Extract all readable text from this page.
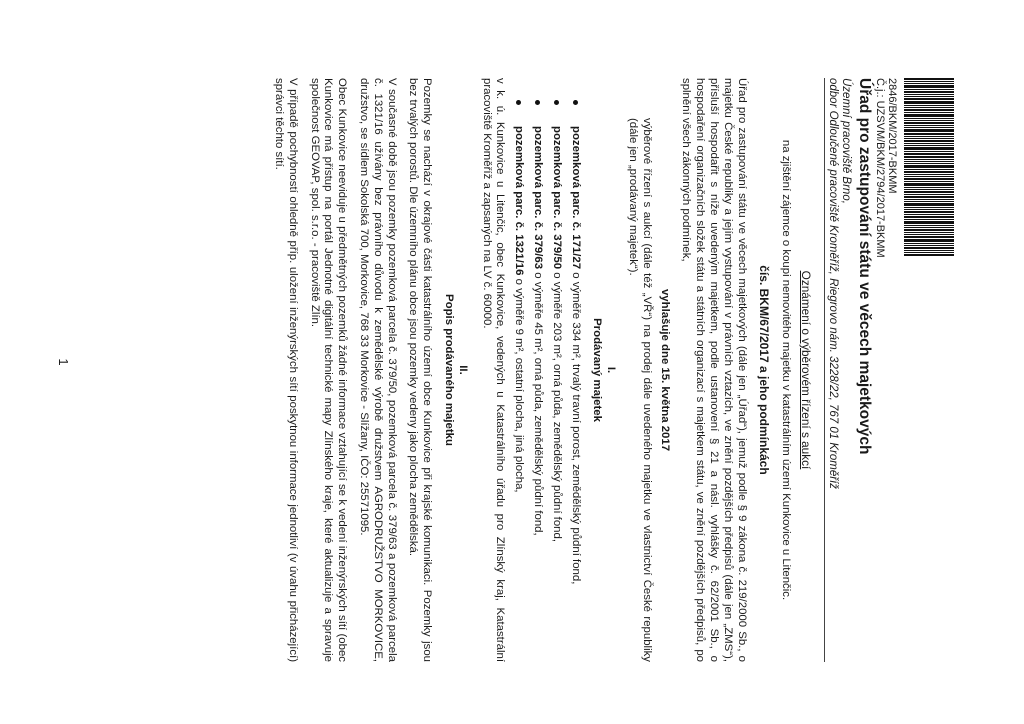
2846/BKM/2017-BKMM
Č.j.: UZSVM/BKM/2794/2017-BKMM
Úřad pro zastupování státu ve věcech majetkových
Územní pracoviště Brno,
odbor Odloučené pracoviště Kroměříž, Riegrovo nám. 3228/22, 767 01 Kroměříž

Oznámení o výběrovém řízení s aukcí

na zjištění zájemce o koupi nemovitého majetku v katastrálním území Kunkovice u Litenčic.

čís. BKM/67/2017 a jeho podmínkách

Úřad pro zastupování státu ve věcech majetkových (dále jen „Úřad“), jemuž podle § 9 zákona č. 219/2000 Sb., o majetku České republiky a jejím vystupování v právních vztazích, ve znění pozdějších předpisů (dále jen „ZMS“), přísluší hospodařit s níže uvedeným majetkem, podle ustanovení § 21 a násl. vyhlášky č. 62/2001 Sb., o hospodaření organizačních složek státu a státních organizací s majetkem státu, ve znění pozdějších předpisů, po splnění všech zákonných podmínek,

vyhlašuje dne 15. května 2017

výběrové řízení s aukcí (dále též „VŘ“) na prodej dále uvedeného majetku ve vlastnictví České republiky (dále jen „prodávaný majetek“).

I.

Prodávaný majetek

pozemková parc. č. 171/27 o výměře 334 m², trvalý travní porost, zemědělský půdní fond,
pozemková parc. č. 379/50 o výměře 203 m², orná půda, zemědělský půdní fond,
pozemková parc. č. 379/63 o výměře 45 m², orná půda, zemědělský půdní fond,
pozemková parc. č. 1321/16 o výměře 9 m², ostatní plocha, jiná plocha,

v k. ú. Kunkovice u Litenčic, obec Kunkovice, vedených u Katastrálního úřadu pro Zlínský kraj, Katastrální pracoviště Kroměříž a zapsaných na LV č. 60000.

II.

Popis prodávaného majetku

Pozemky se nachází v okrajové části katastrálního území obce Kunkovice při krajské komunikaci. Pozemky jsou bez trvalých porostů. Dle územního plánu obce jsou pozemky vedeny jako plocha zemědělská.

V současné době jsou pozemky pozemková parcela č. 379/50, pozemková parcela č. 379/63 a pozemková parcela č. 1321/16 užívány bez právního důvodu k zemědělské výrobě družstvem AGRODRUŽSTVO MORKOVICE, družstvo, se sídlem Sokolská 700, Morkovice, 768 33 Morkovice - Slížany, IČO: 25571095.

Obec Kunkovice neeviduje u předmětných pozemků žádné informace vztahující se k vedení inženýrských sítí (obec Kunkovice má přístup na portál Jednotné digitální technické mapy Zlínského kraje, které aktualizuje a spravuje společnost GEOVAP, spol. s.r.o. - pracoviště Zlín.

V případě pochybností ohledně příp. uložení inženýrských sítí poskytnou informace jednotliví (v úvahu přicházející) správci těchto sítí.

1
